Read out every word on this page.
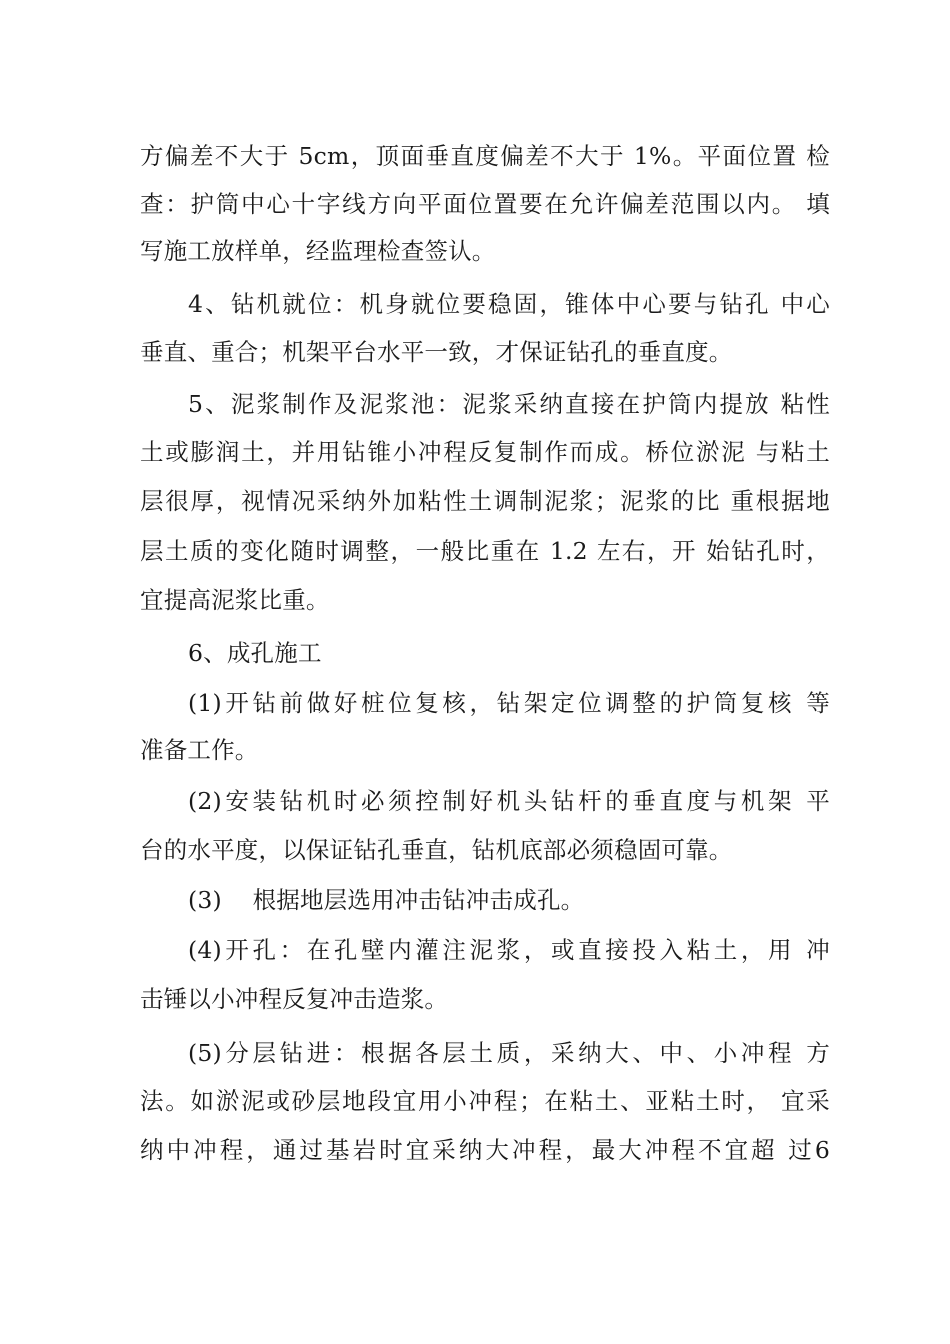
方偏差不大于 5cm，顶面垂直度偏差不大于 1%。平面位置 检
查：护筒中心十字线方向平面位置要在允许偏差范围以内。 填
写施工放样单，经监理检查签认。
4、钻机就位：机身就位要稳固，锥体中心要与钻孔 中心
垂直、重合；机架平台水平一致，才保证钻孔的垂直度。
5、泥浆制作及泥浆池：泥浆采纳直接在护筒内提放 粘性
土或膨润土，并用钻锥小冲程反复制作而成。桥位淤泥 与粘土
层很厚，视情况采纳外加粘性土调制泥浆；泥浆的比 重根据地
层土质的变化随时调整，一般比重在 1.2 左右，开 始钻孔时，
宜提高泥浆比重。
6、成孔施工
(1)开钻前做好桩位复核，钻架定位调整的护筒复核 等
准备工作。
(2)安装钻机时必须控制好机头钻杆的垂直度与机架 平
台的水平度，以保证钻孔垂直，钻机底部必须稳固可靠。
(3)    根据地层选用冲击钻冲击成孔。
(4)开孔：在孔壁内灌注泥浆，或直接投入粘土，用 冲
击锤以小冲程反复冲击造浆。
(5)分层钻进：根据各层土质，采纳大、中、小冲程 方
法。如淤泥或砂层地段宜用小冲程；在粘土、亚粘土时， 宜采
纳中冲程，通过基岩时宜采纳大冲程，最大冲程不宜超 过6
